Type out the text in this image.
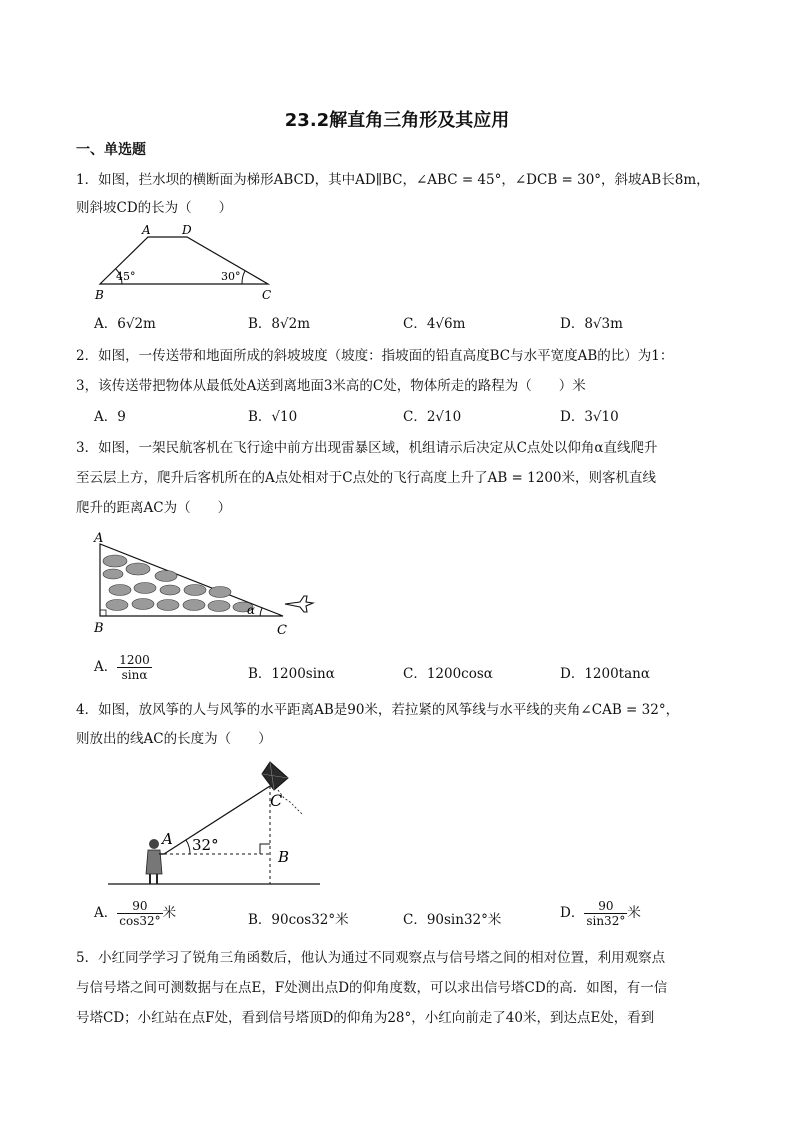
23.2解直角三角形及其应用
一、单选题
1．如图，拦水坝的横断面为梯形ABCD，其中AD∥BC，∠ABC = 45°，∠DCB = 30°，斜坡AB长8m，
则斜坡CD的长为（　　）
A	D
B	C
45°	30°
A．6√2m	B．8√2m	C．4√6m	D．8√3m
2．如图，一传送带和地面所成的斜坡坡度（坡度：指坡面的铅直高度BC与水平宽度AB的比）为1：
3，该传送带把物体从最低处A送到离地面3米高的C处，物体所走的路程为（　　）米
A．9	B．√10	C．2√10	D．3√10
3．如图，一架民航客机在飞行途中前方出现雷暴区域，机组请示后决定从C点处以仰角α直线爬升
至云层上方，爬升后客机所在的A点处相对于C点处的飞行高度上升了AB = 1200米，则客机直线
爬升的距离AC为（　　）
A
B	C
α
A． $\frac{1200}{\sin\alpha}$	B．1200sinα	C．1200cosα	D．1200tanα
4．如图，放风筝的人与风筝的水平距离AB是90米，若拉紧的风筝线与水平线的夹角∠CAB = 32°，
则放出的线AC的长度为（　　）
A 32°
B
C
A． $\frac{90}{\cos 32^\circ}$ 米	B．90cos32°米	C．90sin32°米	D． $\frac{90}{\sin 32^\circ}$ 米
5．小红同学学习了锐角三角函数后，他认为通过不同观察点与信号塔之间的相对位置，利用观察点
与信号塔之间可测数据与在点E，F处测出点D的仰角度数，可以求出信号塔CD的高．如图，有一信
号塔CD；小红站在点F处，看到信号塔顶D的仰角为28°，小红向前走了40米，到达点E处，看到
